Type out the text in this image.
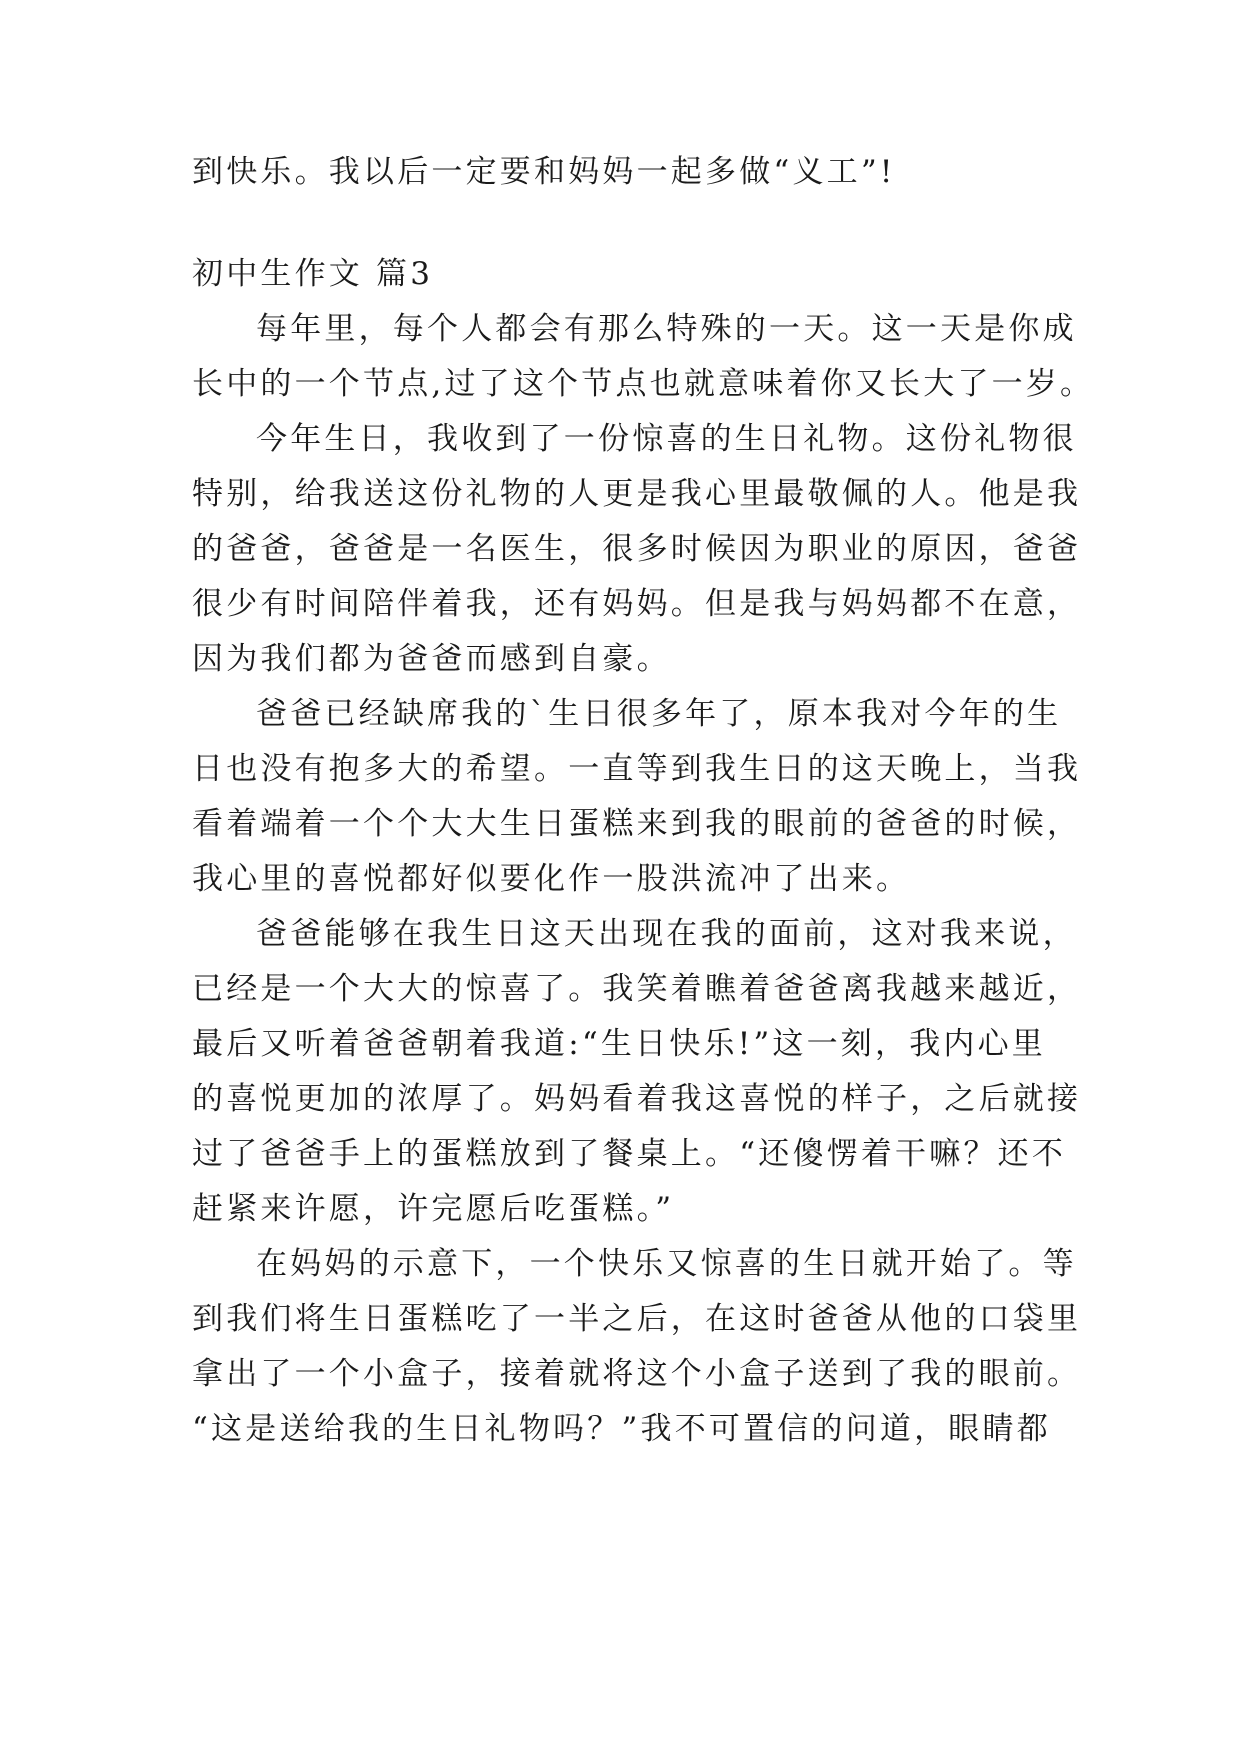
到快乐。我以后一定要和妈妈一起多做“义工”!

初中生作文 篇3

每年里，每个人都会有那么特殊的一天。这一天是你成

长中的一个节点,过了这个节点也就意味着你又长大了一岁。

今年生日，我收到了一份惊喜的生日礼物。这份礼物很

特别，给我送这份礼物的人更是我心里最敬佩的人。他是我

的爸爸，爸爸是一名医生，很多时候因为职业的原因，爸爸

很少有时间陪伴着我，还有妈妈。但是我与妈妈都不在意，

因为我们都为爸爸而感到自豪。

爸爸已经缺席我的`生日很多年了，原本我对今年的生

日也没有抱多大的希望。一直等到我生日的这天晚上，当我

看着端着一个个大大生日蛋糕来到我的眼前的爸爸的时候，

我心里的喜悦都好似要化作一股洪流冲了出来。

爸爸能够在我生日这天出现在我的面前，这对我来说，

已经是一个大大的惊喜了。我笑着瞧着爸爸离我越来越近，

最后又听着爸爸朝着我道:“生日快乐!”这一刻，我内心里

的喜悦更加的浓厚了。妈妈看着我这喜悦的样子，之后就接

过了爸爸手上的蛋糕放到了餐桌上。“还傻愣着干嘛？还不

赶紧来许愿，许完愿后吃蛋糕。”

在妈妈的示意下，一个快乐又惊喜的生日就开始了。等

到我们将生日蛋糕吃了一半之后，在这时爸爸从他的口袋里

拿出了一个小盒子，接着就将这个小盒子送到了我的眼前。

“这是送给我的生日礼物吗？”我不可置信的问道，眼睛都
